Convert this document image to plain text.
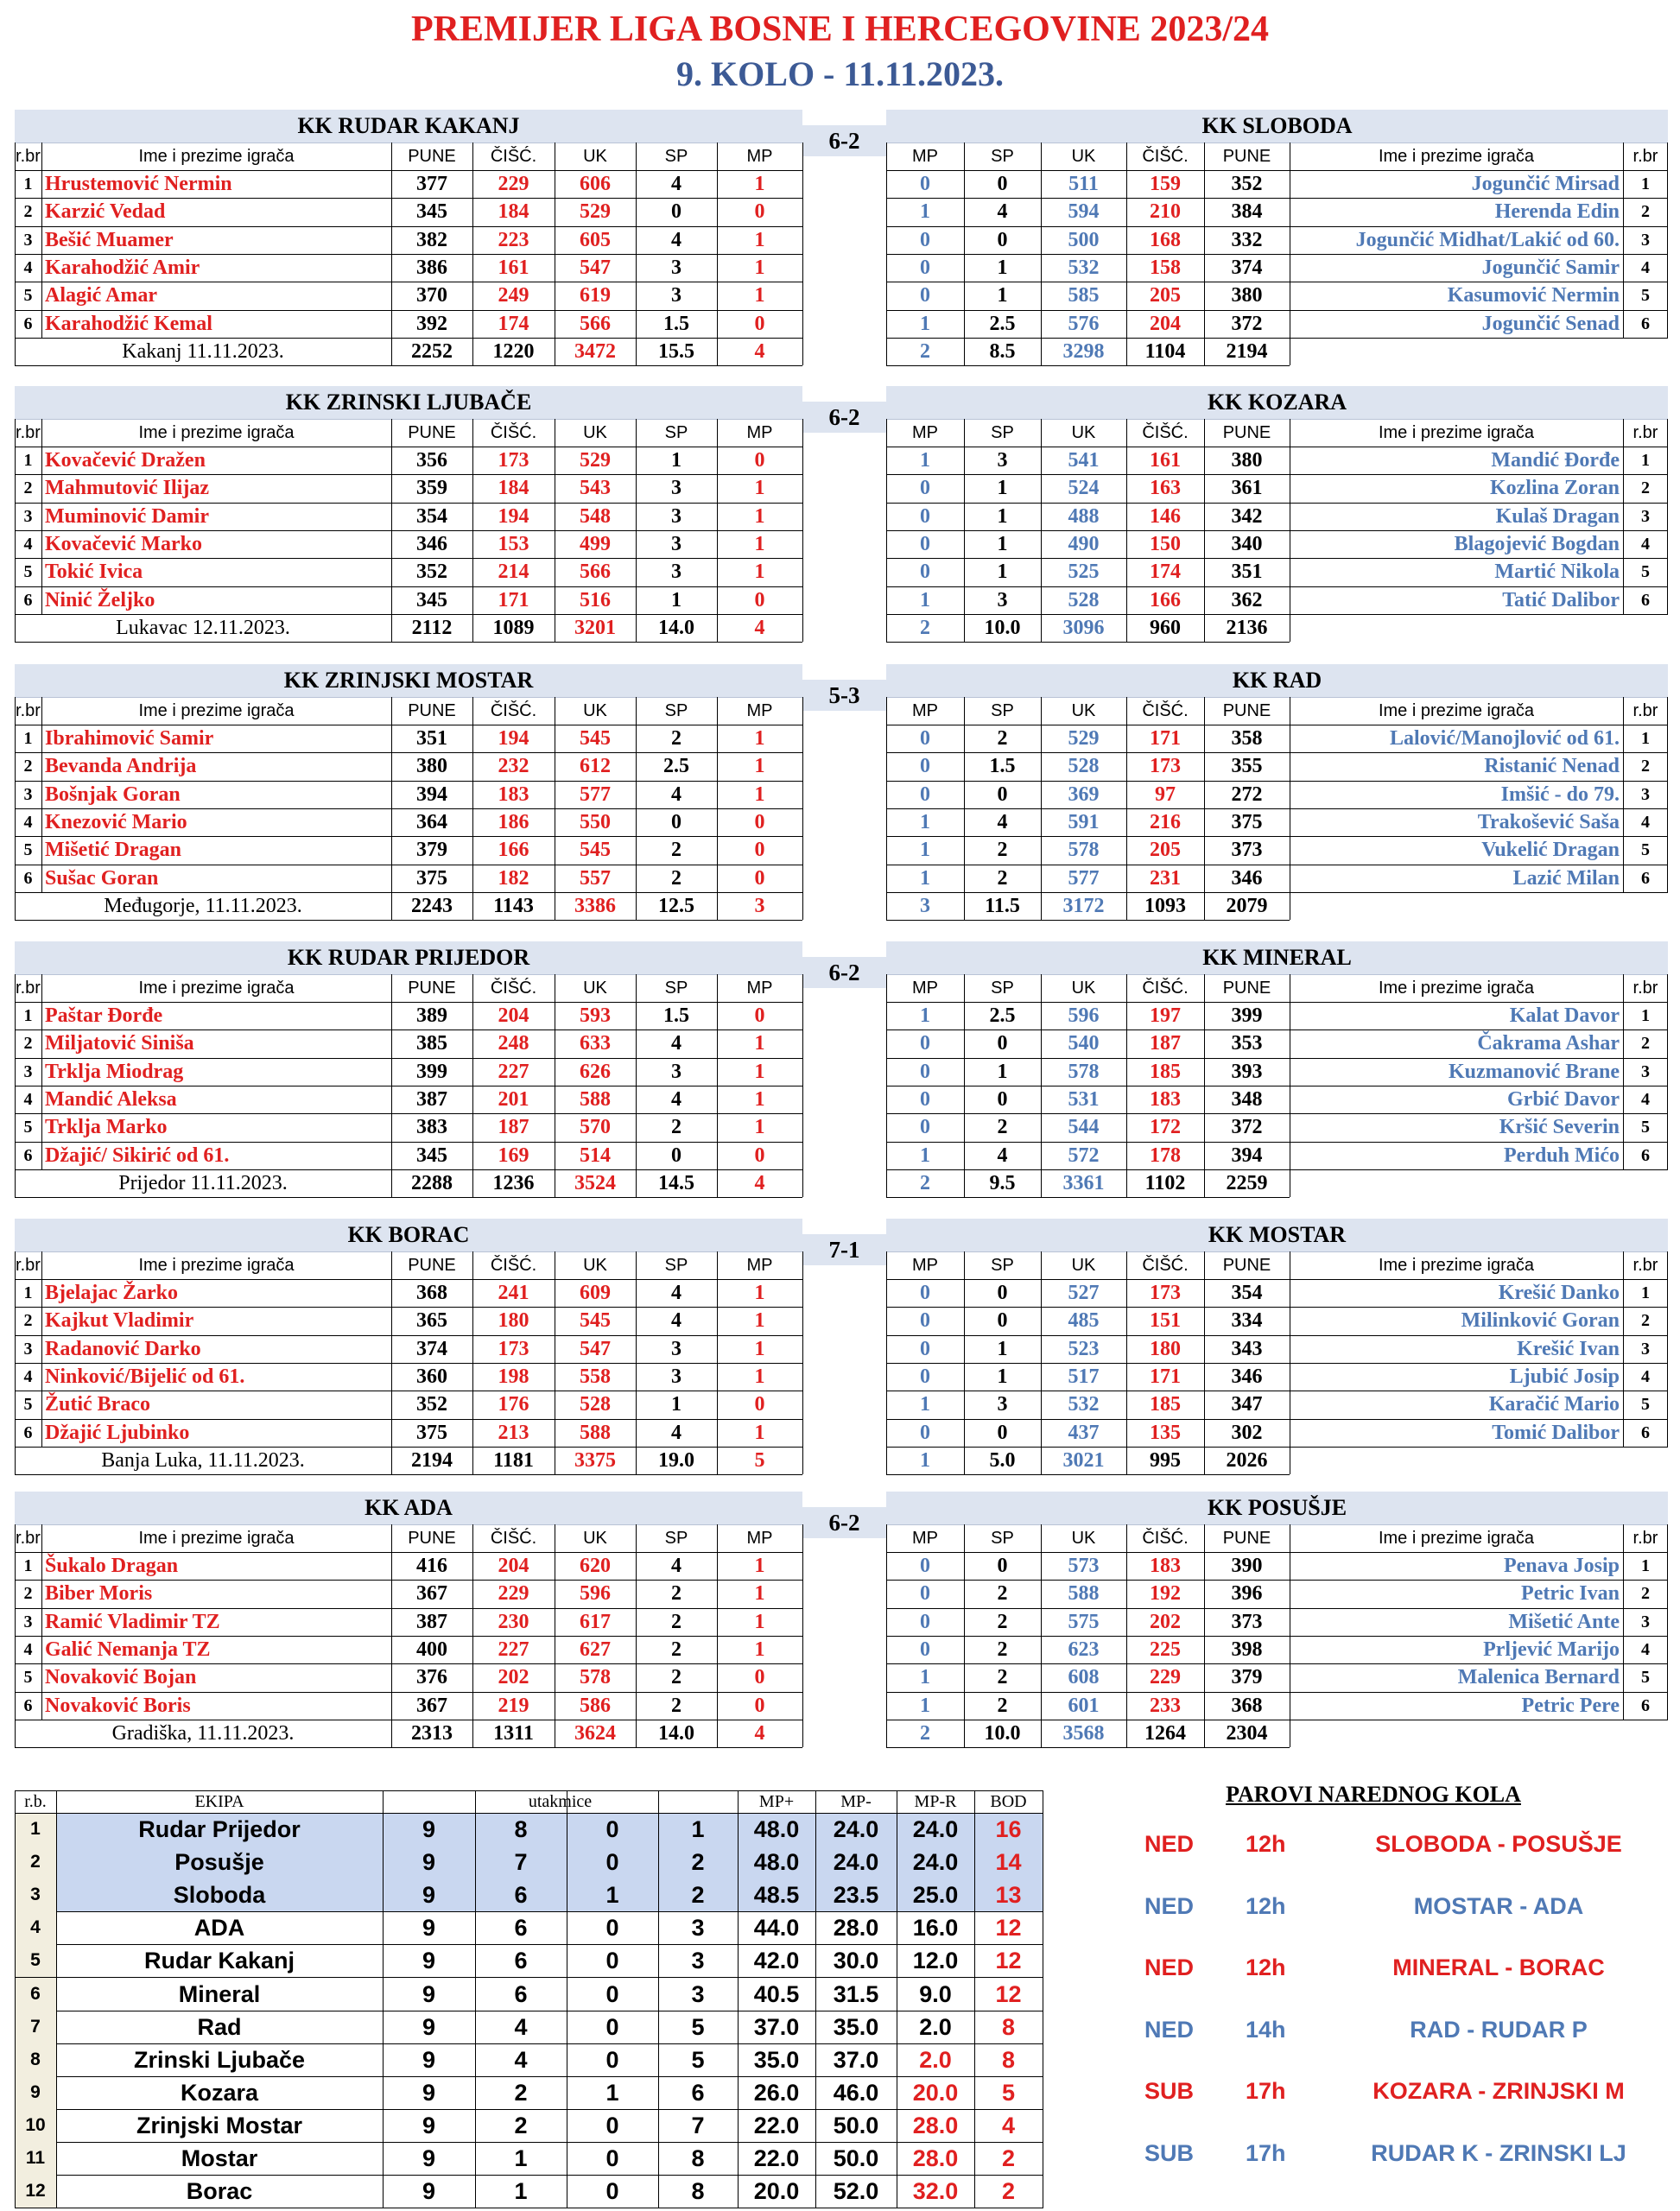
PREMIJER LIGA BOSNE I HERCEGOVINE 2023/24
9. KOLO - 11.11.2023.
KK RUDAR KAKANJ	KK SLOBODA
6-2
r.br	Ime i prezime igrača	PUNE	ČIŠĆ.	UK	SP	MP	MP	SP	UK	ČIŠĆ.	PUNE	Ime i prezime igrača	r.br
1 Hrustemović Nermin	377	229	606	4	1	0	0	511	159	352	Jogunčić Mirsad	1
2 Karzić Vedad	345	184	529	0	0	1	4	594	210	384	Herenda Edin	2
3 Bešić Muamer	382	223	605	4	1	0	0	500	168	332	Jogunčić Midhat/Lakić od 60.	3
4 Karahodžić Amir	386	161	547	3	1	0	1	532	158	374	Jogunčić Samir	4
5 Alagić Amar	370	249	619	3	1	0	1	585	205	380	Kasumović Nermin	5
6 Karahodžić Kemal	392	174	566	1.5	0	1	2.5	576	204	372	Jogunčić Senad	6
Kakanj 11.11.2023.	2252	1220	3472	15.5	4	2	8.5	3298	1104	2194
KK ZRINSKI LJUBAČE	KK KOZARA
6-2
r.br	Ime i prezime igrača	PUNE	ČIŠĆ.	UK	SP	MP	MP	SP	UK	ČIŠĆ.	PUNE	Ime i prezime igrača	r.br
1 Kovačević Dražen	356	173	529	1	0	1	3	541	161	380	Mandić Đorđe	1
2 Mahmutović Ilijaz	359	184	543	3	1	0	1	524	163	361	Kozlina Zoran	2
3 Muminović Damir	354	194	548	3	1	0	1	488	146	342	Kulaš Dragan	3
4 Kovačević Marko	346	153	499	3	1	0	1	490	150	340	Blagojević Bogdan	4
5 Tokić Ivica	352	214	566	3	1	0	1	525	174	351	Martić Nikola	5
6 Ninić Željko	345	171	516	1	0	1	3	528	166	362	Tatić Dalibor	6
Lukavac 12.11.2023.	2112	1089	3201	14.0	4	2	10.0	3096	960	2136
KK ZRINJSKI MOSTAR	KK RAD
5-3
r.br	Ime i prezime igrača	PUNE	ČIŠĆ.	UK	SP	MP	MP	SP	UK	ČIŠĆ.	PUNE	Ime i prezime igrača	r.br
1 Ibrahimović Samir	351	194	545	2	1	0	2	529	171	358	Lalović/Manojlović od 61.	1
2 Bevanda Andrija	380	232	612	2.5	1	0	1.5	528	173	355	Ristanić Nenad	2
3 Bošnjak Goran	394	183	577	4	1	0	0	369	97	272	Imšić - do 79.	3
4 Knezović Mario	364	186	550	0	0	1	4	591	216	375	Trakošević Saša	4
5 Mišetić Dragan	379	166	545	2	0	1	2	578	205	373	Vukelić Dragan	5
6 Sušac Goran	375	182	557	2	0	1	2	577	231	346	Lazić Milan	6
Međugorje, 11.11.2023.	2243	1143	3386	12.5	3	3	11.5	3172	1093	2079
KK RUDAR PRIJEDOR	KK MINERAL
6-2
r.br	Ime i prezime igrača	PUNE	ČIŠĆ.	UK	SP	MP	MP	SP	UK	ČIŠĆ.	PUNE	Ime i prezime igrača	r.br
1 Paštar Đorđe	389	204	593	1.5	0	1	2.5	596	197	399	Kalat Davor	1
2 Miljatović Siniša	385	248	633	4	1	0	0	540	187	353	Čakrama Ashar	2
3 Trklja Miodrag	399	227	626	3	1	0	1	578	185	393	Kuzmanović Brane	3
4 Mandić Aleksa	387	201	588	4	1	0	0	531	183	348	Grbić Davor	4
5 Trklja Marko	383	187	570	2	1	0	2	544	172	372	Kršić Severin	5
6 Džajić/ Sikirić od 61.	345	169	514	0	0	1	4	572	178	394	Perduh Mićo	6
Prijedor 11.11.2023.	2288	1236	3524	14.5	4	2	9.5	3361	1102	2259
KK BORAC	KK MOSTAR
7-1
r.br	Ime i prezime igrača	PUNE	ČIŠĆ.	UK	SP	MP	MP	SP	UK	ČIŠĆ.	PUNE	Ime i prezime igrača	r.br
1 Bjelajac Žarko	368	241	609	4	1	0	0	527	173	354	Krešić Danko	1
2 Kajkut Vladimir	365	180	545	4	1	0	0	485	151	334	Milinković Goran	2
3 Radanović Darko	374	173	547	3	1	0	1	523	180	343	Krešić Ivan	3
4 Ninković/Bijelić od 61.	360	198	558	3	1	0	1	517	171	346	Ljubić Josip	4
5 Žutić Braco	352	176	528	1	0	1	3	532	185	347	Karačić Mario	5
6 Džajić Ljubinko	375	213	588	4	1	0	0	437	135	302	Tomić Dalibor	6
Banja Luka, 11.11.2023.	2194	1181	3375	19.0	5	1	5.0	3021	995	2026
KK ADA	KK POSUŠJE
6-2
r.br	Ime i prezime igrača	PUNE	ČIŠĆ.	UK	SP	MP	MP	SP	UK	ČIŠĆ.	PUNE	Ime i prezime igrača	r.br
1 Šukalo Dragan	416	204	620	4	1	0	0	573	183	390	Penava Josip	1
2 Biber Moris	367	229	596	2	1	0	2	588	192	396	Petric Ivan	2
3 Ramić Vladimir TZ	387	230	617	2	1	0	2	575	202	373	Mišetić Ante	3
4 Galić Nemanja TZ	400	227	627	2	1	0	2	623	225	398	Prljević Marijo	4
5 Novaković Bojan	376	202	578	2	0	1	2	608	229	379	Malenica Bernard	5
6 Novaković Boris	367	219	586	2	0	1	2	601	233	368	Petric Pere	6
Gradiška, 11.11.2023.	2313	1311	3624	14.0	4	2	10.0	3568	1264	2304
r.b.	EKIPA	utakmice	MP+	MP-	MP-R	BOD
1	Rudar Prijedor	9	8	0	1	48.0	24.0	24.0	16
2	Posušje	9	7	0	2	48.0	24.0	24.0	14
3	Sloboda	9	6	1	2	48.5	23.5	25.0	13
4	ADA	9	6	0	3	44.0	28.0	16.0	12
5	Rudar Kakanj	9	6	0	3	42.0	30.0	12.0	12
6	Mineral	9	6	0	3	40.5	31.5	9.0	12
7	Rad	9	4	0	5	37.0	35.0	2.0	8
8	Zrinski Ljubače	9	4	0	5	35.0	37.0	2.0	8
9	Kozara	9	2	1	6	26.0	46.0	20.0	5
10	Zrinjski Mostar	9	2	0	7	22.0	50.0	28.0	4
11	Mostar	9	1	0	8	22.0	50.0	28.0	2
12	Borac	9	1	0	8	20.0	52.0	32.0	2
PAROVI NAREDNOG KOLA
NED 12h	SLOBODA - POSUŠJE
NED 12h	MOSTAR - ADA
NED 12h	MINERAL - BORAC
NED 14h	RAD - RUDAR P
SUB 17h	KOZARA - ZRINJSKI M
SUB 17h	RUDAR K - ZRINSKI LJ
